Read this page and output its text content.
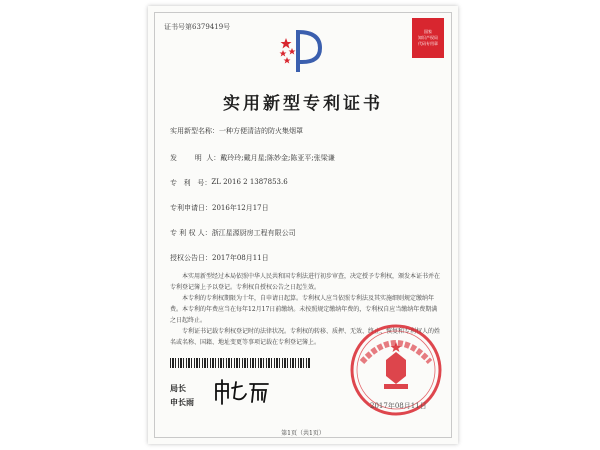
证书号第6379419号
国家
知识产权局
代码专用章
实用新型专利证书
实用新型名称： 一种方便清洁的防火集烟罩
发        明  人： 戴玲玲;戴月星;陈妙金;陈亚平;张梁谦
专   利   号： ZL 2016 2 1387853.6
专利申请日： 2016年12月17日
专 利 权 人： 浙江星源厨房工程有限公司
授权公告日： 2017年08月11日

本实用新型经过本局依照中华人民共和国专利法进行初步审查，决定授予专利权，颁发本证书并在专利登记簿上予以登记。专利权自授权公告之日起生效。

本专利的专利权期限为十年，自申请日起算。专利权人应当依照专利法及其实施细则规定缴纳年费。本专利的年费应当在每年12月17日前缴纳。未按照规定缴纳年费的，专利权自应当缴纳年费期满之日起终止。

专利证书记载专利权登记时的法律状况。专利权的转移、质押、无效、终止、恢复和专利权人的姓名或名称、国籍、地址变更等事项记载在专利登记簿上。

局长
申长雨	2017年08月11日
第1页（共1页）
